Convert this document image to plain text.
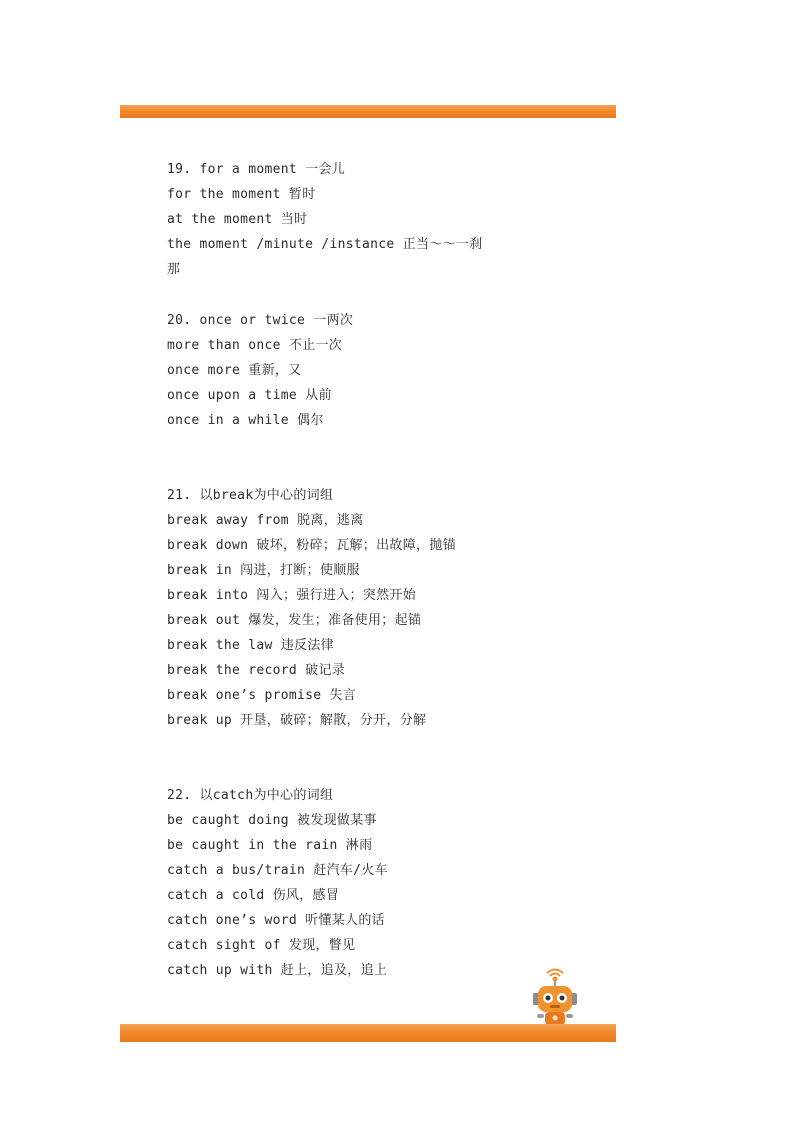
19. for a moment 一会儿
for the moment 暂时
at the moment 当时
the moment /minute /instance 正当～～一刹
那
20. once or twice 一两次
more than once 不止一次
once more 重新，又
once upon a time 从前
once in a while 偶尔
21. 以break为中心的词组
break away from 脱离，逃离
break down 破坏，粉碎；瓦解；出故障，抛锚
break in 闯进，打断；使顺服
break into 闯入；强行进入；突然开始
break out 爆发，发生；准备使用；起锚
break the law 违反法律
break the record 破记录
break one’s promise 失言
break up 开垦，破碎；解散，分开，分解
22. 以catch为中心的词组
be caught doing 被发现做某事
be caught in the rain 淋雨
catch a bus/train 赶汽车/火车
catch a cold 伤风，感冒
catch one’s word 听懂某人的话
catch sight of 发现，瞥见
catch up with 赶上，追及，追上
